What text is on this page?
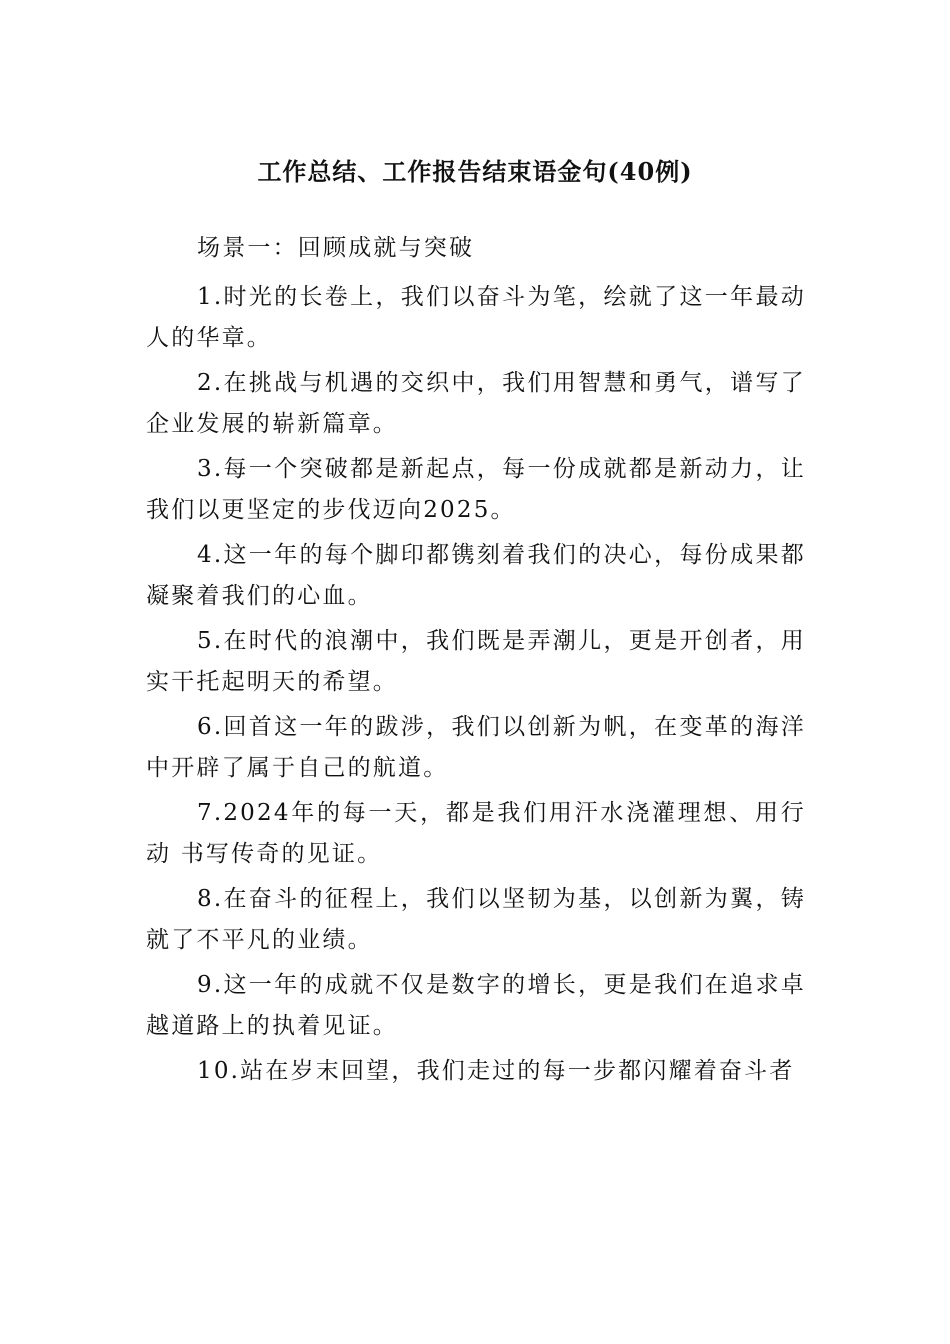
工作总结、工作报告结束语金句(40例)

场景一：回顾成就与突破

1.时光的长卷上，我们以奋斗为笔，绘就了这一年最动人的华章。

2.在挑战与机遇的交织中，我们用智慧和勇气，谱写了企业发展的崭新篇章。

3.每一个突破都是新起点，每一份成就都是新动力，让我们以更坚定的步伐迈向2025。

4.这一年的每个脚印都镌刻着我们的决心，每份成果都凝聚着我们的心血。

5.在时代的浪潮中，我们既是弄潮儿，更是开创者，用实干托起明天的希望。

6.回首这一年的跋涉，我们以创新为帆，在变革的海洋 中开辟了属于自己的航道。

7.2024年的每一天，都是我们用汗水浇灌理想、用行动 书写传奇的见证。

8.在奋斗的征程上，我们以坚韧为基，以创新为翼，铸就了不平凡的业绩。

9.这一年的成就不仅是数字的增长，更是我们在追求卓越道路上的执着见证。

10.站在岁末回望，我们走过的每一步都闪耀着奋斗者
